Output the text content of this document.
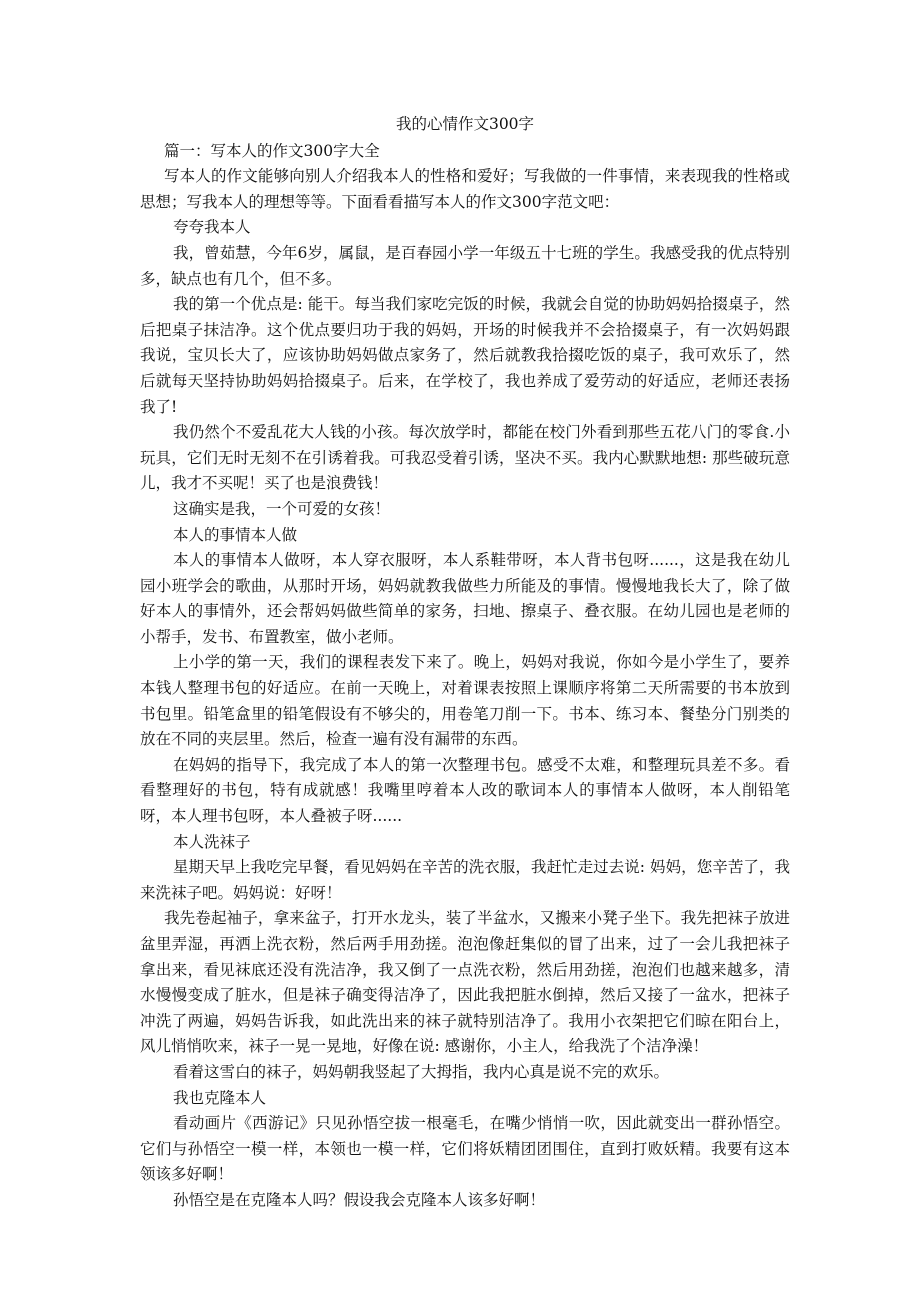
我的心情作文300字

篇一：写本人的作文300字大全

写本人的作文能够向别人介绍我本人的性格和爱好；写我做的一件事情，来表现我的性格或思想；写我本人的理想等等。下面看看描写本人的作文300字范文吧：

夸夸我本人

我，曾茹慧，今年6岁，属鼠，是百春园小学一年级五十七班的学生。我感受我的优点特别多，缺点也有几个，但不多。

我的第一个优点是: 能干。每当我们家吃完饭的时候，我就会自觉的协助妈妈拾掇桌子，然后把桌子抹洁净。这个优点要归功于我的妈妈，开场的时候我并不会拾掇桌子，有一次妈妈跟我说，宝贝长大了，应该协助妈妈做点家务了，然后就教我拾掇吃饭的桌子，我可欢乐了，然后就每天坚持协助妈妈拾掇桌子。后来，在学校了，我也养成了爱劳动的好适应，老师还表扬我了!

我仍然个不爱乱花大人钱的小孩。每次放学时，都能在校门外看到那些五花八门的零食.小玩具，它们无时无刻不在引诱着我。可我忍受着引诱，坚决不买。我内心默默地想: 那些破玩意儿，我才不买呢！买了也是浪费钱！

这确实是我，一个可爱的女孩！

本人的事情本人做

本人的事情本人做呀，本人穿衣服呀，本人系鞋带呀，本人背书包呀......，这是我在幼儿园小班学会的歌曲，从那时开场，妈妈就教我做些力所能及的事情。慢慢地我长大了，除了做好本人的事情外，还会帮妈妈做些简单的家务，扫地、擦桌子、叠衣服。在幼儿园也是老师的小帮手，发书、布置教室，做小老师。

上小学的第一天，我们的课程表发下来了。晚上，妈妈对我说，你如今是小学生了，要养本钱人整理书包的好适应。在前一天晚上，对着课表按照上课顺序将第二天所需要的书本放到书包里。铅笔盒里的铅笔假设有不够尖的，用卷笔刀削一下。书本、练习本、餐垫分门别类的放在不同的夹层里。然后，检查一遍有没有漏带的东西。

在妈妈的指导下，我完成了本人的第一次整理书包。感受不太难，和整理玩具差不多。看看整理好的书包，特有成就感！我嘴里哼着本人改的歌词本人的事情本人做呀，本人削铅笔呀，本人理书包呀，本人叠被子呀......

本人洗袜子

星期天早上我吃完早餐，看见妈妈在辛苦的洗衣服，我赶忙走过去说: 妈妈，您辛苦了，我来洗袜子吧。妈妈说：好呀！

我先卷起袖子，拿来盆子，打开水龙头，装了半盆水，又搬来小凳子坐下。我先把袜子放进盆里弄湿，再洒上洗衣粉，然后两手用劲搓。泡泡像赶集似的冒了出来，过了一会儿我把袜子拿出来，看见袜底还没有洗洁净，我又倒了一点洗衣粉，然后用劲搓，泡泡们也越来越多，清水慢慢变成了脏水，但是袜子确变得洁净了，因此我把脏水倒掉，然后又接了一盆水，把袜子冲洗了两遍，妈妈告诉我，如此洗出来的袜子就特别洁净了。我用小衣架把它们晾在阳台上，风儿悄悄吹来，袜子一晃一晃地，好像在说: 感谢你，小主人，给我洗了个洁净澡！

看着这雪白的袜子，妈妈朝我竖起了大拇指，我内心真是说不完的欢乐。

我也克隆本人

看动画片《西游记》只见孙悟空拔一根毫毛，在嘴少悄悄一吹，因此就变出一群孙悟空。它们与孙悟空一模一样，本领也一模一样，它们将妖精团团围住，直到打败妖精。我要有这本领该多好啊！

孙悟空是在克隆本人吗？假设我会克隆本人该多好啊！
